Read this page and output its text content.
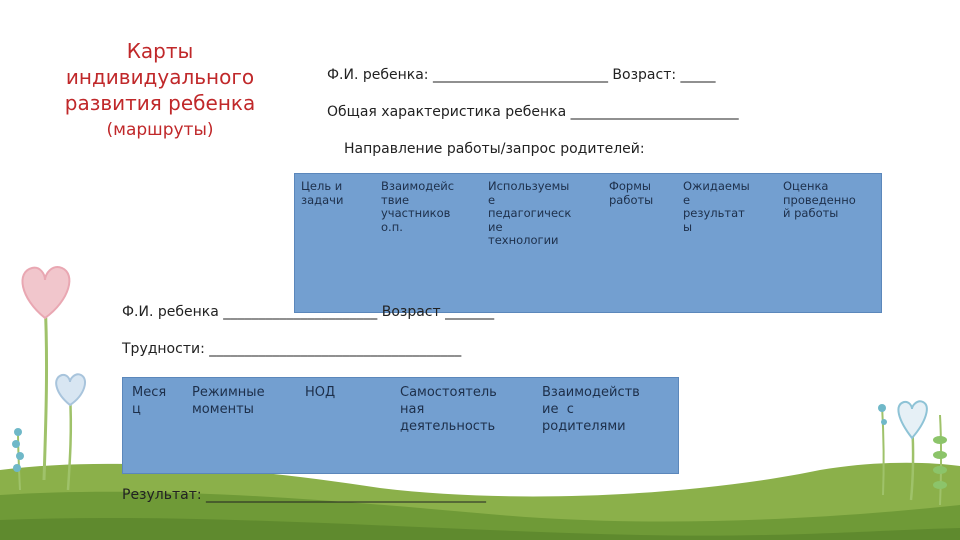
Карты
индивидуального
развития ребенка
(маршруты)
Ф.И. ребенка: _________________________ Возраст: _____
Общая характеристика ребенка ________________________
Направление работы/запрос родителей:
Цель и
задачи
Взаимодейс
твие
участников
о.п.
Используемы
е
педагогическ
ие
технологии
Формы
работы
Ожидаемы
е
результат
ы
Оценка
проведенно
й работы
Ф.И. ребенка ______________________ Возраст _______
Трудности: ____________________________________
Меся
ц
Режимные
моменты
НОД	Самостоятель
ная
деятельность
Взаимодейств
ие  с
родителями
Результат: ________________________________________
